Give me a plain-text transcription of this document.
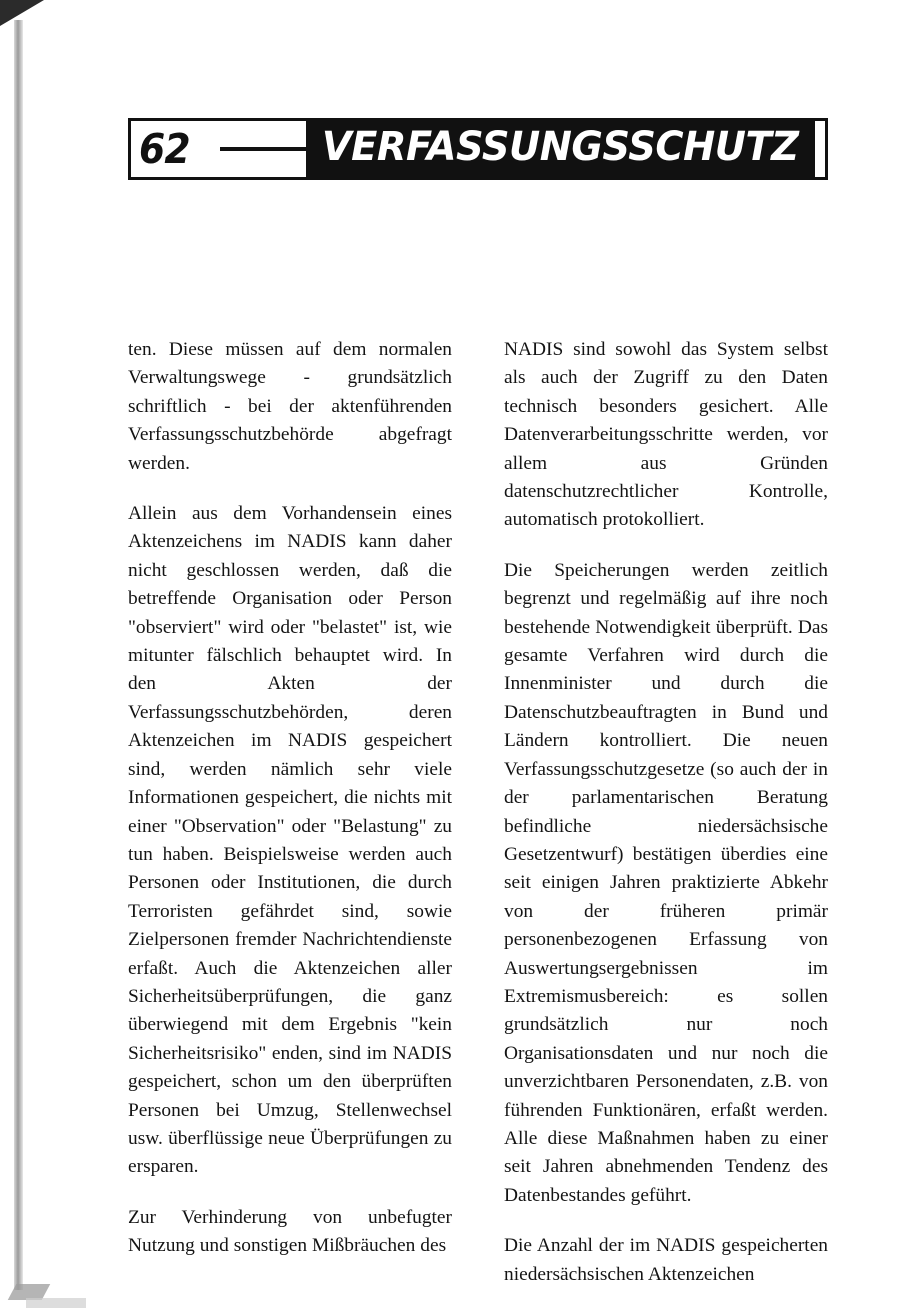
62	VERFASSUNGSSCHUTZ

ten. Diese müssen auf dem normalen Verwaltungswege - grundsätzlich schriftlich - bei der aktenführenden Verfassungsschutzbehörde abgefragt werden.

Allein aus dem Vorhandensein eines Aktenzeichens im NADIS kann daher nicht geschlossen werden, daß die betreffende Organisation oder Person "observiert" wird oder "belastet" ist, wie mitunter fälschlich behauptet wird. In den Akten der Verfassungsschutzbehörden, deren Aktenzeichen im NADIS gespeichert sind, werden nämlich sehr viele Informationen gespeichert, die nichts mit einer "Observation" oder "Belastung" zu tun haben. Beispielsweise werden auch Personen oder Institutionen, die durch Terroristen gefährdet sind, sowie Zielpersonen fremder Nachrichtendienste erfaßt. Auch die Aktenzeichen aller Sicherheitsüberprüfungen, die ganz überwiegend mit dem Ergebnis "kein Sicherheitsrisiko" enden, sind im NADIS gespeichert, schon um den überprüften Personen bei Umzug, Stellenwechsel usw. überflüssige neue Überprüfungen zu ersparen.

Zur Verhinderung von unbefugter Nutzung und sonstigen Mißbräuchen des

NADIS sind sowohl das System selbst als auch der Zugriff zu den Daten technisch besonders gesichert. Alle Datenverarbeitungsschritte werden, vor allem aus Gründen datenschutzrechtlicher Kontrolle, automatisch protokolliert.

Die Speicherungen werden zeitlich begrenzt und regelmäßig auf ihre noch bestehende Notwendigkeit überprüft. Das gesamte Verfahren wird durch die Innenminister und durch die Datenschutzbeauftragten in Bund und Ländern kontrolliert. Die neuen Verfassungsschutzgesetze (so auch der in der parlamentarischen Beratung befindliche niedersächsische Gesetzentwurf) bestätigen überdies eine seit einigen Jahren praktizierte Abkehr von der früheren primär personenbezogenen Erfassung von Auswertungsergebnissen im Extremismusbereich: es sollen grundsätzlich nur noch Organisationsdaten und nur noch die unverzichtbaren Personendaten, z.B. von führenden Funktionären, erfaßt werden. Alle diese Maßnahmen haben zu einer seit Jahren abnehmenden Tendenz des Datenbestandes geführt.

Die Anzahl der im NADIS gespeicherten niedersächsischen Aktenzeichen
